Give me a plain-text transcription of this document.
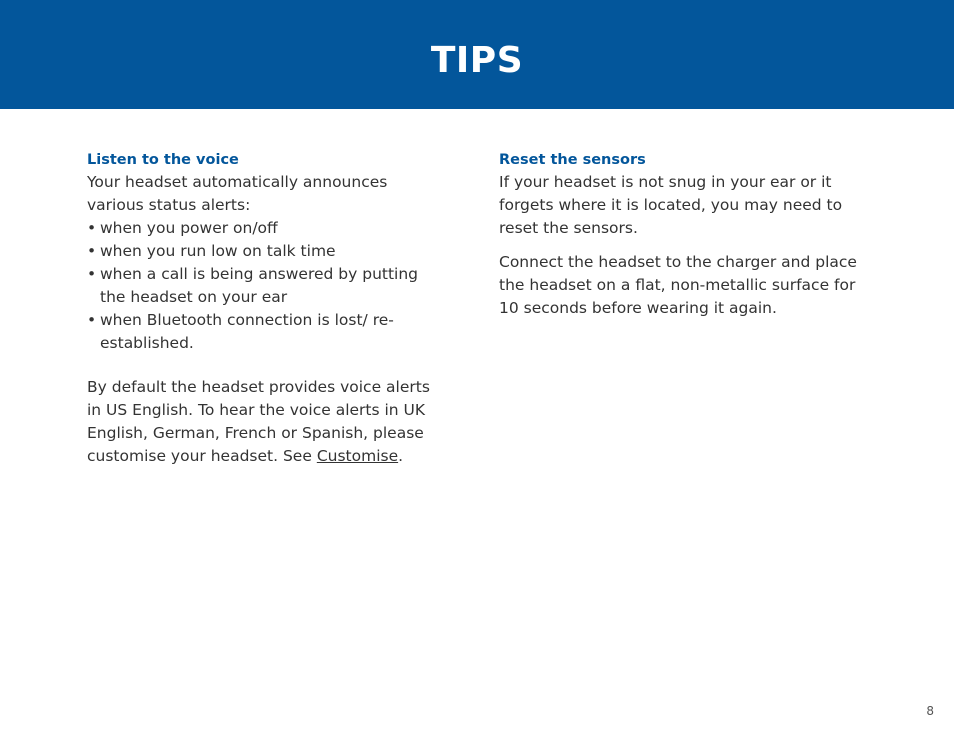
TIPS
Listen to the voice

Your headset automatically announces various status alerts:

• when you power on/off
• when you run low on talk time
• when a call is being answered by putting the headset on your ear
• when Bluetooth connection is lost/ re-established.

By default the headset provides voice alerts in US English. To hear the voice alerts in UK English, German, French or Spanish, please customise your headset. See Customise.

Reset the sensors

If your headset is not snug in your ear or it forgets where it is located, you may need to reset the sensors.

Connect the headset to the charger and place the headset on a flat, non-metallic surface for 10 seconds before wearing it again.

8
